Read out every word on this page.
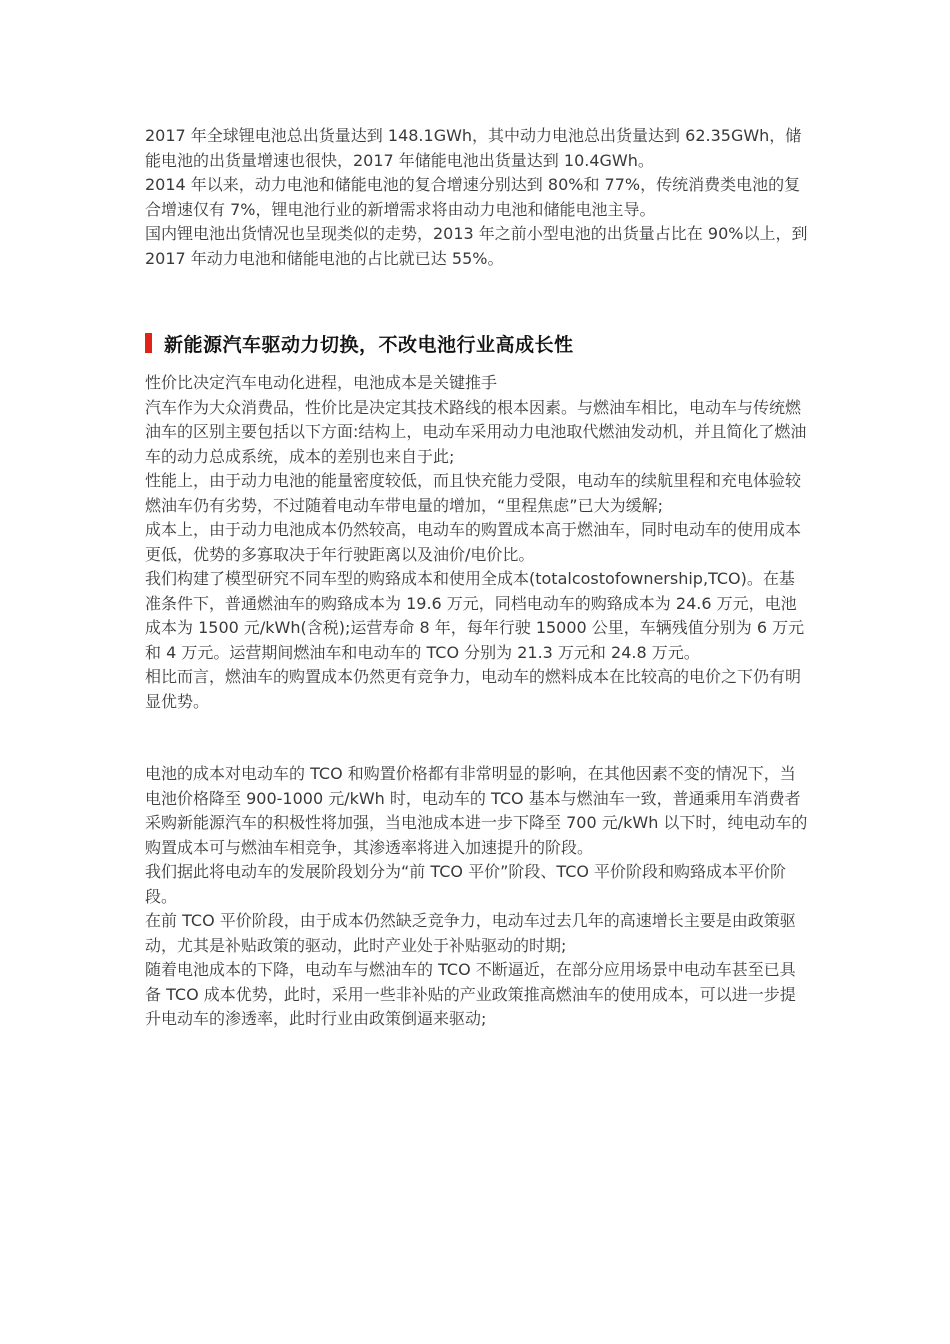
2017 年全球锂电池总出货量达到 148.1GWh，其中动力电池总出货量达到 62.35GWh，储能电池的出货量增速也很快，2017 年储能电池出货量达到 10.4GWh。

2014 年以来，动力电池和储能电池的复合增速分别达到 80%和 77%，传统消费类电池的复合增速仅有 7%，锂电池行业的新增需求将由动力电池和储能电池主导。

国内锂电池出货情况也呈现类似的走势，2013 年之前小型电池的出货量占比在 90%以上，到 2017 年动力电池和储能电池的占比就已达 55%。

新能源汽车驱动力切换，不改电池行业高成长性

性价比决定汽车电动化进程，电池成本是关键推手

汽车作为大众消费品，性价比是决定其技术路线的根本因素。与燃油车相比，电动车与传统燃油车的区别主要包括以下方面:结构上，电动车采用动力电池取代燃油发动机，并且简化了燃油车的动力总成系统，成本的差别也来自于此;

性能上，由于动力电池的能量密度较低，而且快充能力受限，电动车的续航里程和充电体验较燃油车仍有劣势，不过随着电动车带电量的增加，“里程焦虑”已大为缓解;

成本上，由于动力电池成本仍然较高，电动车的购置成本高于燃油车，同时电动车的使用成本更低，优势的多寡取决于年行驶距离以及油价/电价比。

我们构建了模型研究不同车型的购臵成本和使用全成本(totalcostofownership,TCO)。在基准条件下，普通燃油车的购臵成本为 19.6 万元，同档电动车的购臵成本为 24.6 万元，电池成本为 1500 元/kWh(含税);运营寿命 8 年，每年行驶 15000 公里，车辆残值分别为 6 万元和 4 万元。运营期间燃油车和电动车的 TCO 分别为 21.3 万元和 24.8 万元。

相比而言，燃油车的购置成本仍然更有竞争力，电动车的燃料成本在比较高的电价之下仍有明显优势。

电池的成本对电动车的 TCO 和购置价格都有非常明显的影响，在其他因素不变的情况下，当电池价格降至 900-1000 元/kWh 时，电动车的 TCO 基本与燃油车一致，普通乘用车消费者采购新能源汽车的积极性将加强，当电池成本进一步下降至 700 元/kWh 以下时，纯电动车的购置成本可与燃油车相竞争，其渗透率将进入加速提升的阶段。

我们据此将电动车的发展阶段划分为“前 TCO 平价”阶段、TCO 平价阶段和购臵成本平价阶段。

在前 TCO 平价阶段，由于成本仍然缺乏竞争力，电动车过去几年的高速增长主要是由政策驱动，尤其是补贴政策的驱动，此时产业处于补贴驱动的时期;

随着电池成本的下降，电动车与燃油车的 TCO 不断逼近，在部分应用场景中电动车甚至已具备 TCO 成本优势，此时，采用一些非补贴的产业政策推高燃油车的使用成本，可以进一步提升电动车的渗透率，此时行业由政策倒逼来驱动;
